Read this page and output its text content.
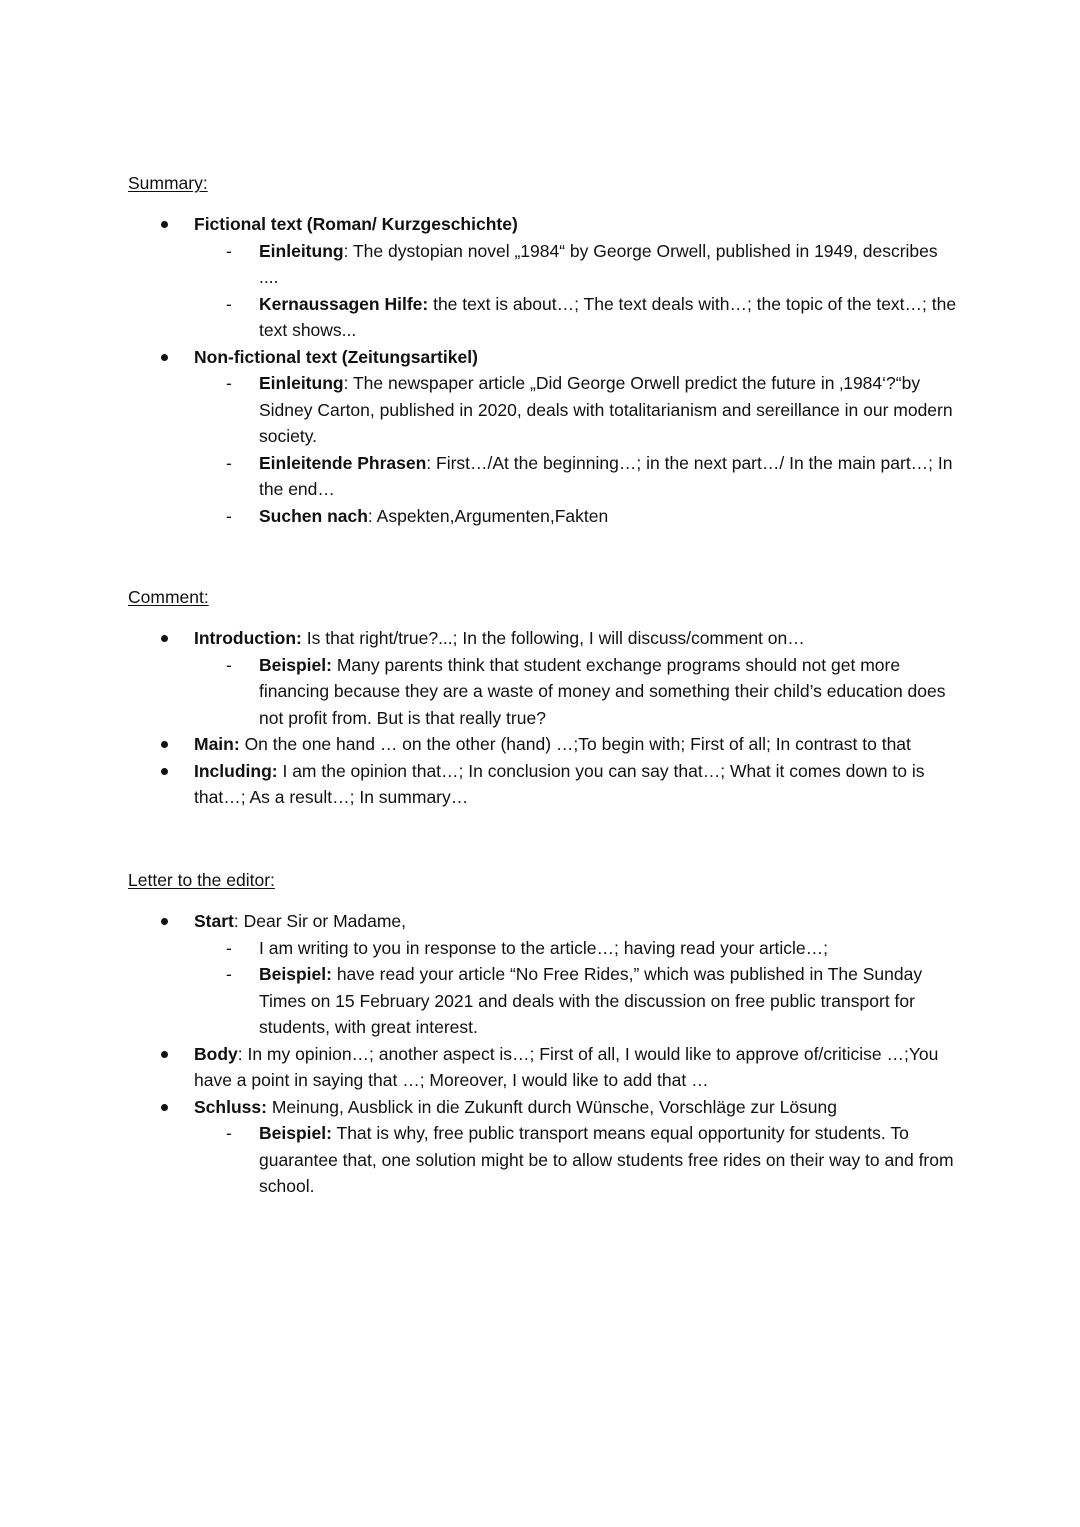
Summary:
Fictional text (Roman/ Kurzgeschichte)
- Einleitung: The dystopian novel „1984“ by George Orwell, published in 1949, describes ....
- Kernaussagen Hilfe: the text is about…; The text deals with…; the topic of the text…; the text shows...
Non-fictional text (Zeitungsartikel)
- Einleitung: The newspaper article „Did George Orwell predict the future in ‚1984‘?“by Sidney Carton, published in 2020, deals with totalitarianism and sereillance in our modern society.
- Einleitende Phrasen: First…/At the beginning…; in the next part…/ In the main part…; In the end…
- Suchen nach: Aspekten,Argumenten,Fakten
Comment:
Introduction: Is that right/true?...; In the following, I will discuss/comment on…
- Beispiel: Many parents think that student exchange programs should not get more financing because they are a waste of money and something their child’s education does not profit from. But is that really true?
Main: On the one hand … on the other (hand) …;To begin with; First of all; In contrast to that
Including: I am the opinion that…; In conclusion you can say that…; What it comes down to is that…; As a result…; In summary…
Letter to the editor:
Start: Dear Sir or Madame,
- I am writing to you in response to the article…; having read your article…;
- Beispiel: have read your article “No Free Rides,” which was published in The Sunday Times on 15 February 2021 and deals with the discussion on free public transport for students, with great interest.
Body: In my opinion…; another aspect is…; First of all, I would like to approve of/criticise …;You have a point in saying that …; Moreover, I would like to add that …
Schluss: Meinung, Ausblick in die Zukunft durch Wünsche, Vorschläge zur Lösung
- Beispiel: That is why, free public transport means equal opportunity for students. To guarantee that, one solution might be to allow students free rides on their way to and from school.
